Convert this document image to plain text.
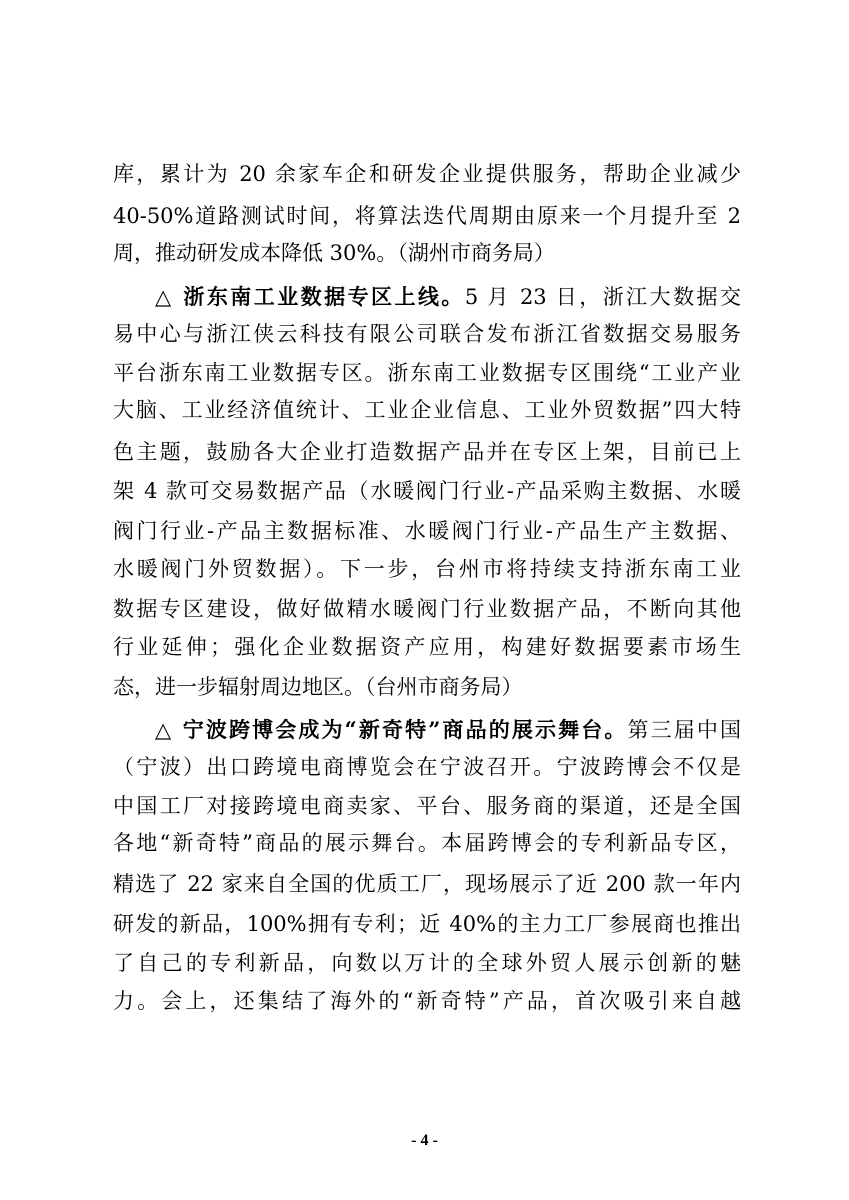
库，累计为 20 余家车企和研发企业提供服务，帮助企业减少
40-50%道路测试时间，将算法迭代周期由原来一个月提升至 2
周，推动研发成本降低 30%。（湖州市商务局）
△ 浙东南工业数据专区上线。5 月 23 日，浙江大数据交
易中心与浙江侠云科技有限公司联合发布浙江省数据交易服务
平台浙东南工业数据专区。浙东南工业数据专区围绕“工业产业
大脑、工业经济值统计、工业企业信息、工业外贸数据”四大特
色主题，鼓励各大企业打造数据产品并在专区上架，目前已上
架 4 款可交易数据产品（水暖阀门行业-产品采购主数据、水暖
阀门行业-产品主数据标准、水暖阀门行业-产品生产主数据、
水暖阀门外贸数据）。下一步，台州市将持续支持浙东南工业
数据专区建设，做好做精水暖阀门行业数据产品，不断向其他
行业延伸；强化企业数据资产应用，构建好数据要素市场生
态，进一步辐射周边地区。（台州市商务局）
△ 宁波跨博会成为“新奇特”商品的展示舞台。第三届中国
（宁波）出口跨境电商博览会在宁波召开。宁波跨博会不仅是
中国工厂对接跨境电商卖家、平台、服务商的渠道，还是全国
各地“新奇特”商品的展示舞台。本届跨博会的专利新品专区，
精选了 22 家来自全国的优质工厂，现场展示了近 200 款一年内
研发的新品，100%拥有专利；近 40%的主力工厂参展商也推出
了自己的专利新品，向数以万计的全球外贸人展示创新的魅
力。会上，还集结了海外的“新奇特”产品，首次吸引来自越
- 4 -
